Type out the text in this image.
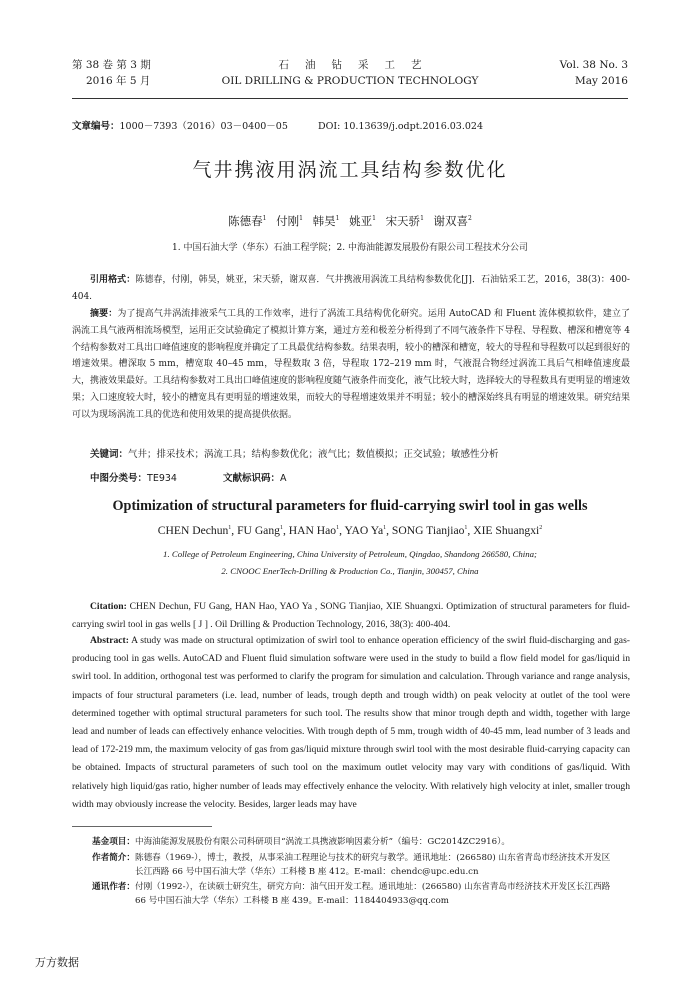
第 38 卷 第 3 期
2016 年 5 月
石油钻采工艺
OIL DRILLING & PRODUCTION TECHNOLOGY
Vol. 38 No. 3
May 2016
文章编号：1000－7393（2016）03－0400－05	DOI: 10.13639/j.odpt.2016.03.024
气井携液用涡流工具结构参数优化
陈德春$^1$ 付刚$^1$ 韩昊$^1$ 姚亚$^1$ 宋天骄$^1$ 谢双喜$^2$
1. 中国石油大学（华东）石油工程学院；2. 中海油能源发展股份有限公司工程技术分公司
引用格式：陈德春，付刚，韩昊，姚亚，宋天骄，谢双喜．气井携液用涡流工具结构参数优化[J]．石油钻采工艺，2016，38(3)：400-404.
摘要：为了提高气井涡流排液采气工具的工作效率，进行了涡流工具结构优化研究。运用 AutoCAD 和 Fluent 流体模拟软件，建立了涡流工具气液两相流场模型，运用正交试验确定了模拟计算方案，通过方差和极差分析得到了不同气液条件下导程、导程数、槽深和槽宽等 4 个结构参数对工具出口峰值速度的影响程度并确定了工具最优结构参数。结果表明，较小的槽深和槽宽，较大的导程和导程数可以起到很好的增速效果。槽深取 5 mm，槽宽取 40–45 mm，导程数取 3 倍，导程取 172–219 mm 时，气液混合物经过涡流工具后气相峰值速度最大，携液效果最好。工具结构参数对工具出口峰值速度的影响程度随气液条件而变化，液气比较大时，选择较大的导程数具有更明显的增速效果；入口速度较大时，较小的槽宽具有更明显的增速效果，而较大的导程增速效果并不明显；较小的槽深始终具有明显的增速效果。研究结果可以为现场涡流工具的优选和使用效果的提高提供依据。
关键词：气井；排采技术；涡流工具；结构参数优化；液气比；数值模拟；正交试验；敏感性分析
中图分类号：TE934	文献标识码：A
Optimization of structural parameters for fluid-carrying swirl tool in gas wells
CHEN Dechun$^1$, FU Gang$^1$, HAN Hao$^1$, YAO Ya$^1$, SONG Tianjiao$^1$, XIE Shuangxi$^2$
1. College of Petroleum Engineering, China University of Petroleum, Qingdao, Shandong 266580, China;
2. CNOOC EnerTech-Drilling & Production Co., Tianjin, 300457, China
Citation: CHEN Dechun, FU Gang, HAN Hao, YAO Ya , SONG Tianjiao, XIE Shuangxi. Optimization of structural parameters for fluid-carrying swirl tool in gas wells [ J ] . Oil Drilling & Production Technology, 2016, 38(3): 400-404.
Abstract: A study was made on structural optimization of swirl tool to enhance operation efficiency of the swirl fluid-discharging and gas-producing tool in gas wells. AutoCAD and Fluent fluid simulation software were used in the study to build a flow field model for gas/liquid in swirl tool. In addition, orthogonal test was performed to clarify the program for simulation and calculation. Through variance and range analysis, impacts of four structural parameters (i.e. lead, number of leads, trough depth and trough width) on peak velocity at outlet of the tool were determined together with optimal structural parameters for such tool. The results show that minor trough depth and width, together with large lead and number of leads can effectively enhance velocities. With trough depth of 5 mm, trough width of 40-45 mm, lead number of 3 leads and lead of 172-219 mm, the maximum velocity of gas from gas/liquid mixture through swirl tool with the most desirable fluid-carrying capacity can be obtained. Impacts of structural parameters of such tool on the maximum outlet velocity may vary with conditions of gas/liquid. With relatively high liquid/gas ratio, higher number of leads may effectively enhance the velocity. With relatively high velocity at inlet, smaller trough width may obviously increase the velocity. Besides, larger leads may have
基金项目：中海油能源发展股份有限公司科研项目“涡流工具携液影响因素分析”（编号：GC2014ZC2916）。
作者简介：陈德春（1969-），博士，教授，从事采油工程理论与技术的研究与教学。通讯地址：(266580) 山东省青岛市经济技术开发区长江西路 66 号中国石油大学（华东）工科楼 B 座 412。E-mail：chendc@upc.edu.cn
通讯作者：付刚（1992-），在读硕士研究生，研究方向：油气田开发工程。通讯地址：(266580) 山东省青岛市经济技术开发区长江西路 66 号中国石油大学（华东）工科楼 B 座 439。E-mail：1184404933@qq.com
万方数据
